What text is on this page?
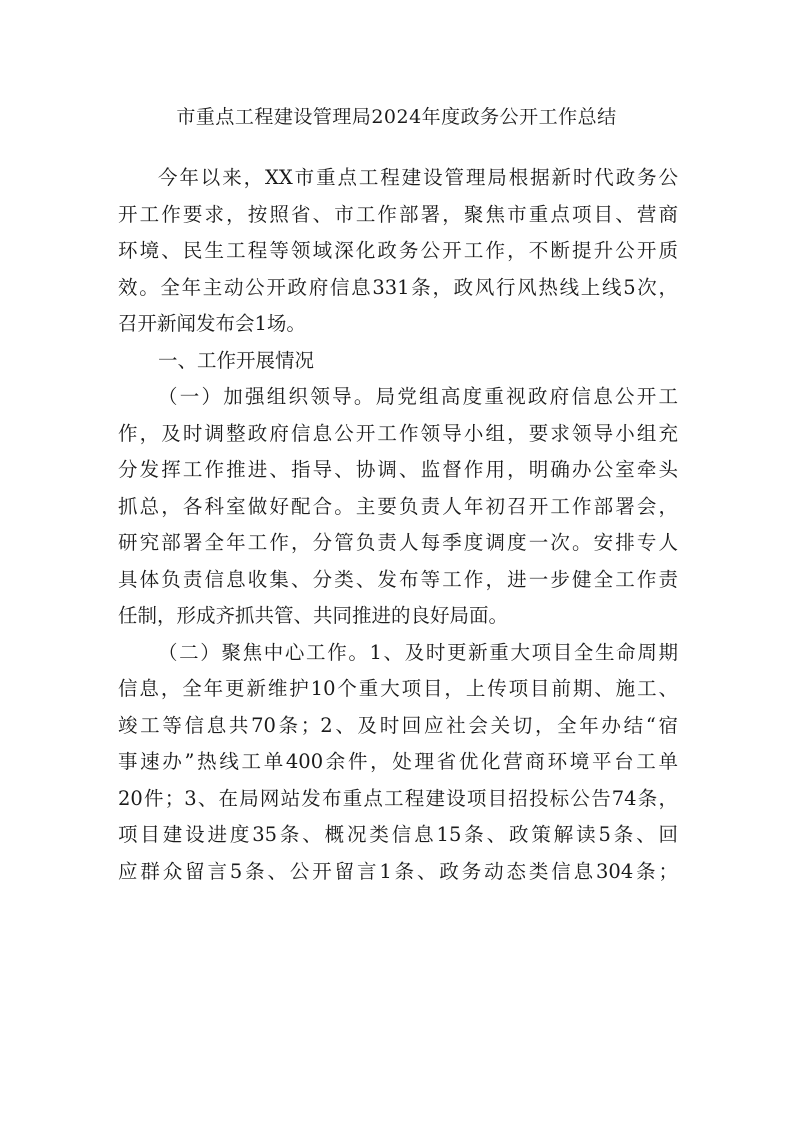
市重点工程建设管理局2024年度政务公开工作总结
今年以来，XX市重点工程建设管理局根据新时代政务公
开工作要求，按照省、市工作部署，聚焦市重点项目、营商
环境、民生工程等领域深化政务公开工作，不断提升公开质
效。全年主动公开政府信息331条，政风行风热线上线5次，
召开新闻发布会1场。
一、工作开展情况
（一）加强组织领导。局党组高度重视政府信息公开工
作，及时调整政府信息公开工作领导小组，要求领导小组充
分发挥工作推进、指导、协调、监督作用，明确办公室牵头
抓总，各科室做好配合。主要负责人年初召开工作部署会，
研究部署全年工作，分管负责人每季度调度一次。安排专人
具体负责信息收集、分类、发布等工作，进一步健全工作责
任制，形成齐抓共管、共同推进的良好局面。
（二）聚焦中心工作。1、及时更新重大项目全生命周期
信息，全年更新维护10个重大项目，上传项目前期、施工、
竣工等信息共70条；2、及时回应社会关切，全年办结“宿
事速办”热线工单400余件，处理省优化营商环境平台工单
20件；3、在局网站发布重点工程建设项目招投标公告74条，
项目建设进度35条、概况类信息15条、政策解读5条、回
应群众留言5条、公开留言1条、政务动态类信息304条；
